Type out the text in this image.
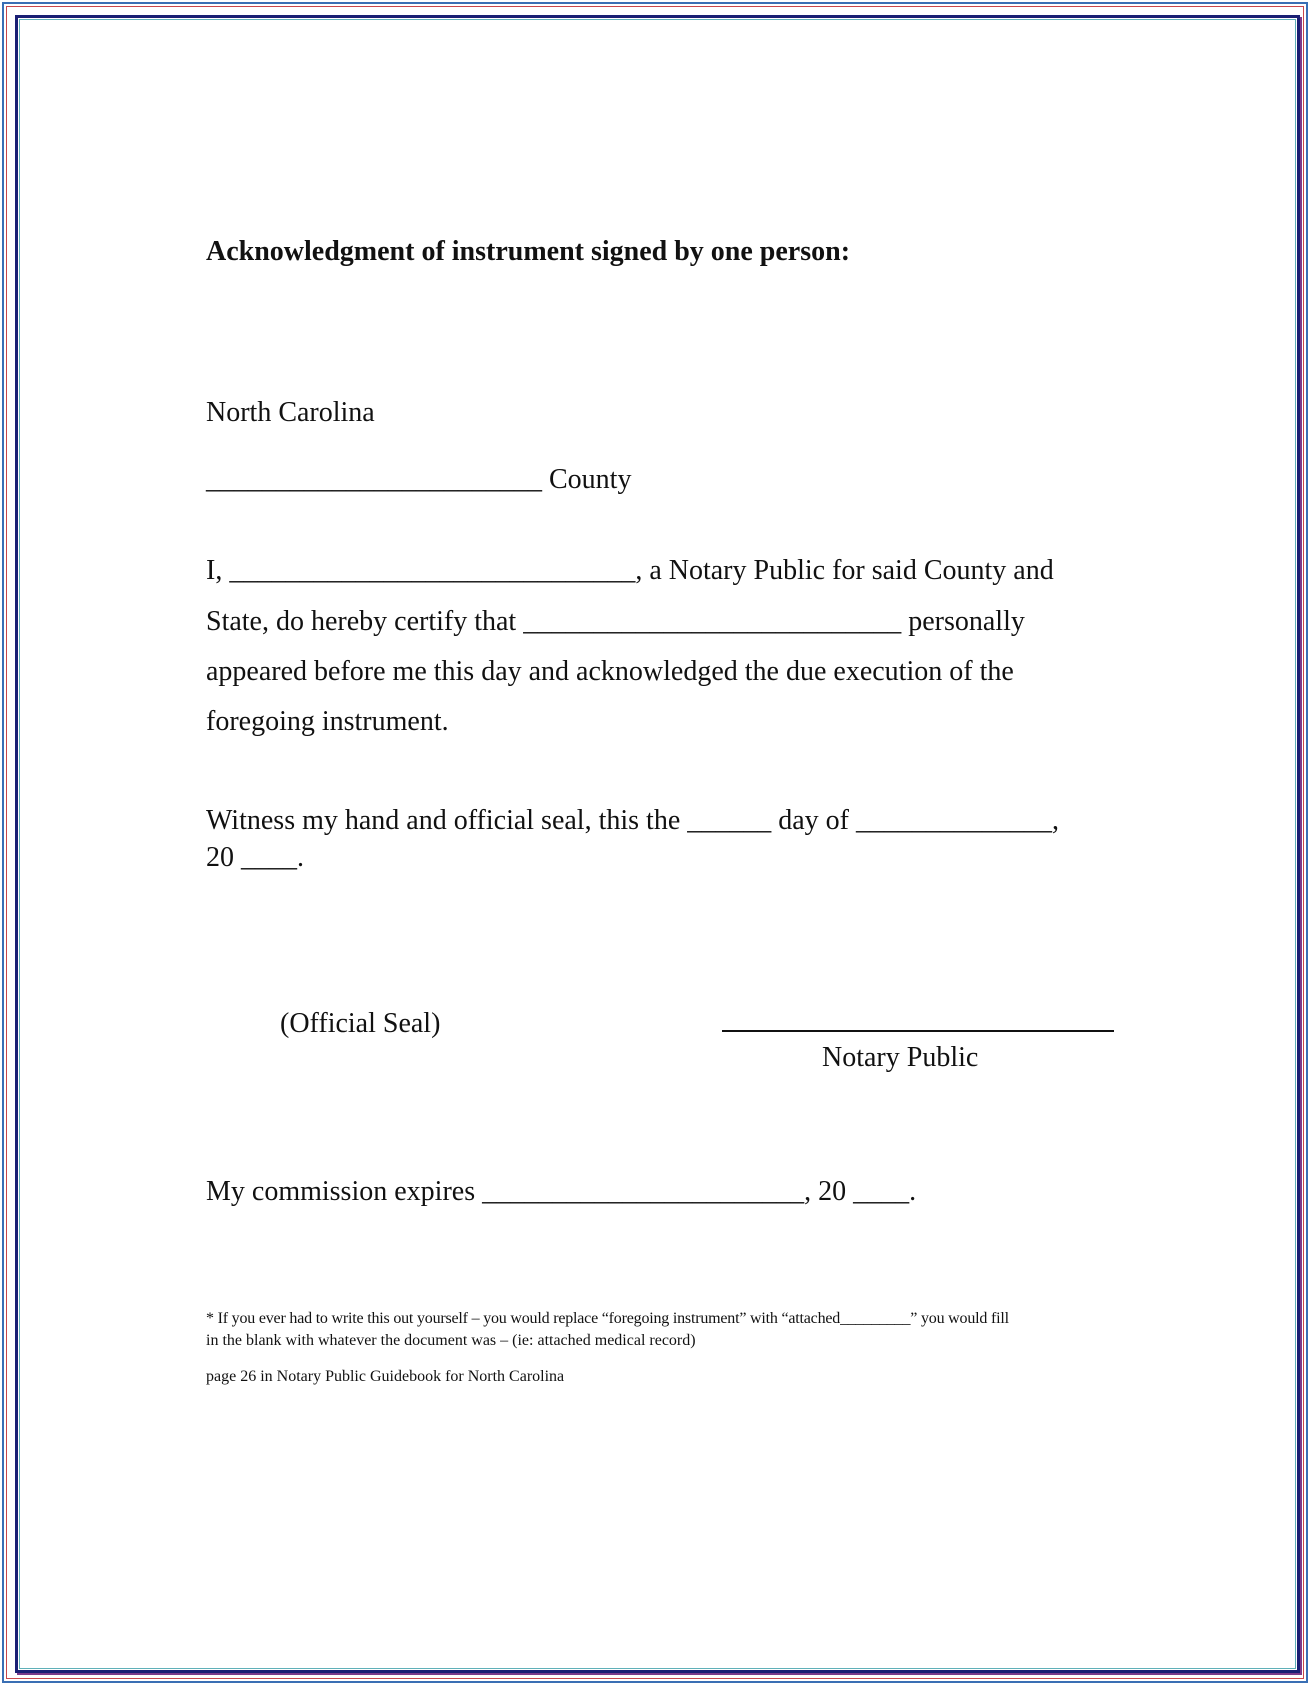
Acknowledgment of instrument signed by one person:
North Carolina
________________________ County
I, _____________________________, a Notary Public for said County and
State, do hereby certify that ___________________________ personally
appeared before me this day and acknowledged the due execution of the
foregoing instrument.
Witness my hand and official seal, this the ______ day of ______________,
20 ____.
(Official Seal)
Notary Public
My commission expires _______________________, 20 ____.
* If you ever had to write this out yourself – you would replace “foregoing instrument” with “attached_________” you would fill
in the blank with whatever the document was – (ie: attached medical record)
page 26 in Notary Public Guidebook for North Carolina
